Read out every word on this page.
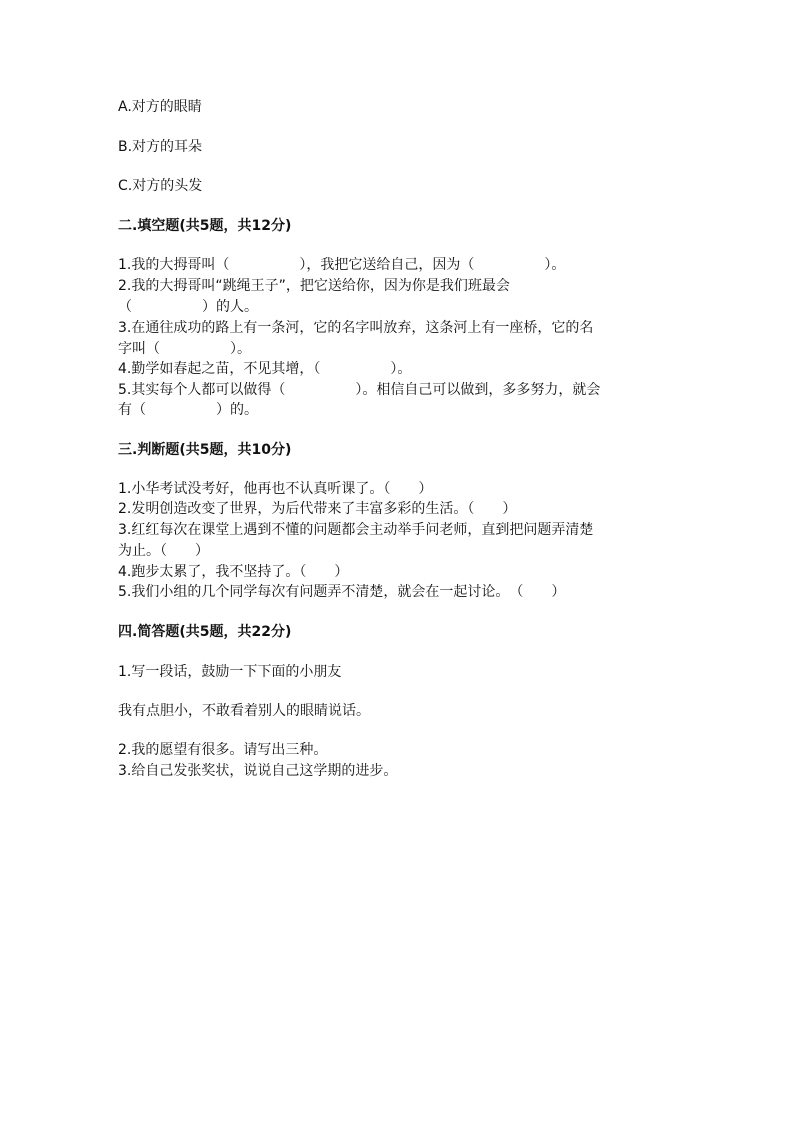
A.对方的眼睛
B.对方的耳朵
C.对方的头发
二.填空题(共5题，共12分)
1.我的大拇哥叫（　　　　　），我把它送给自己，因为（　　　　　）。
2.我的大拇哥叫“跳绳王子”，把它送给你，因为你是我们班最会
（　　　　　）的人。
3.在通往成功的路上有一条河，它的名字叫放弃，这条河上有一座桥，它的名
字叫（　　　　　）。
4.勤学如春起之苗，不见其增，（　　　　　）。
5.其实每个人都可以做得（　　　　　）。相信自己可以做到，多多努力，就会
有（　　　　　）的。
三.判断题(共5题，共10分)
1.小华考试没考好，他再也不认真听课了。（　　）
2.发明创造改变了世界，为后代带来了丰富多彩的生活。（　　）
3.红红每次在课堂上遇到不懂的问题都会主动举手问老师，直到把问题弄清楚
为止。（　　）
4.跑步太累了，我不坚持了。（　　）
5.我们小组的几个同学每次有问题弄不清楚，就会在一起讨论。　（　　）
四.简答题(共5题，共22分)
1.写一段话，鼓励一下下面的小朋友
我有点胆小，不敢看着别人的眼睛说话。
2.我的愿望有很多。请写出三种。
3.给自己发张奖状，说说自己这学期的进步。
